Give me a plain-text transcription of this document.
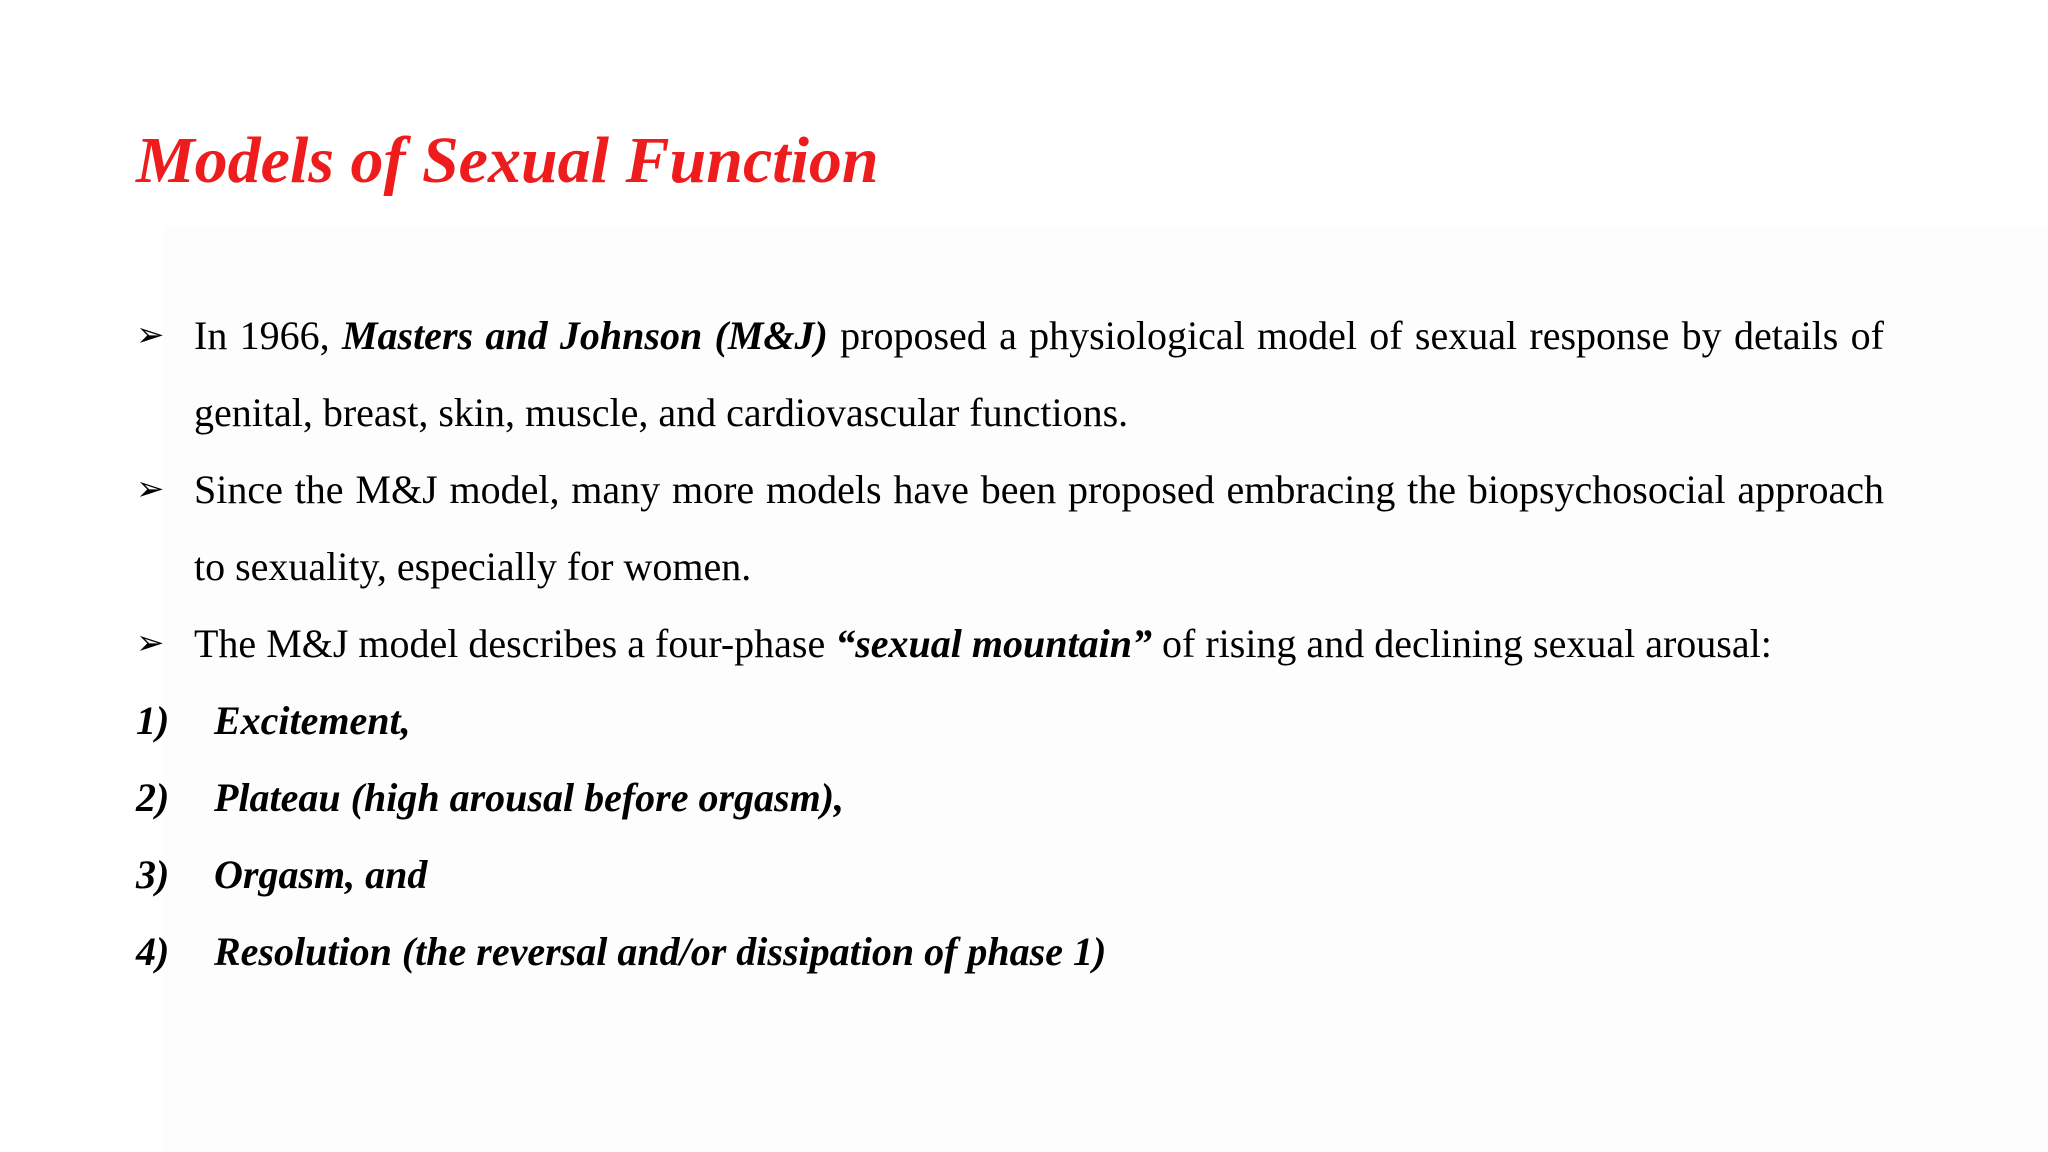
Models of Sexual Function
➢ In 1966, Masters and Johnson (M&J) proposed a physiological model of sexual response by details of genital, breast, skin, muscle, and cardiovascular functions.
➢ Since the M&J model, many more models have been proposed embracing the biopsychosocial approach to sexuality, especially for women.
➢ The M&J model describes a four-phase “sexual mountain” of rising and declining sexual arousal:
1) Excitement,
2) Plateau (high arousal before orgasm),
3) Orgasm, and
4) Resolution (the reversal and/or dissipation of phase 1)
